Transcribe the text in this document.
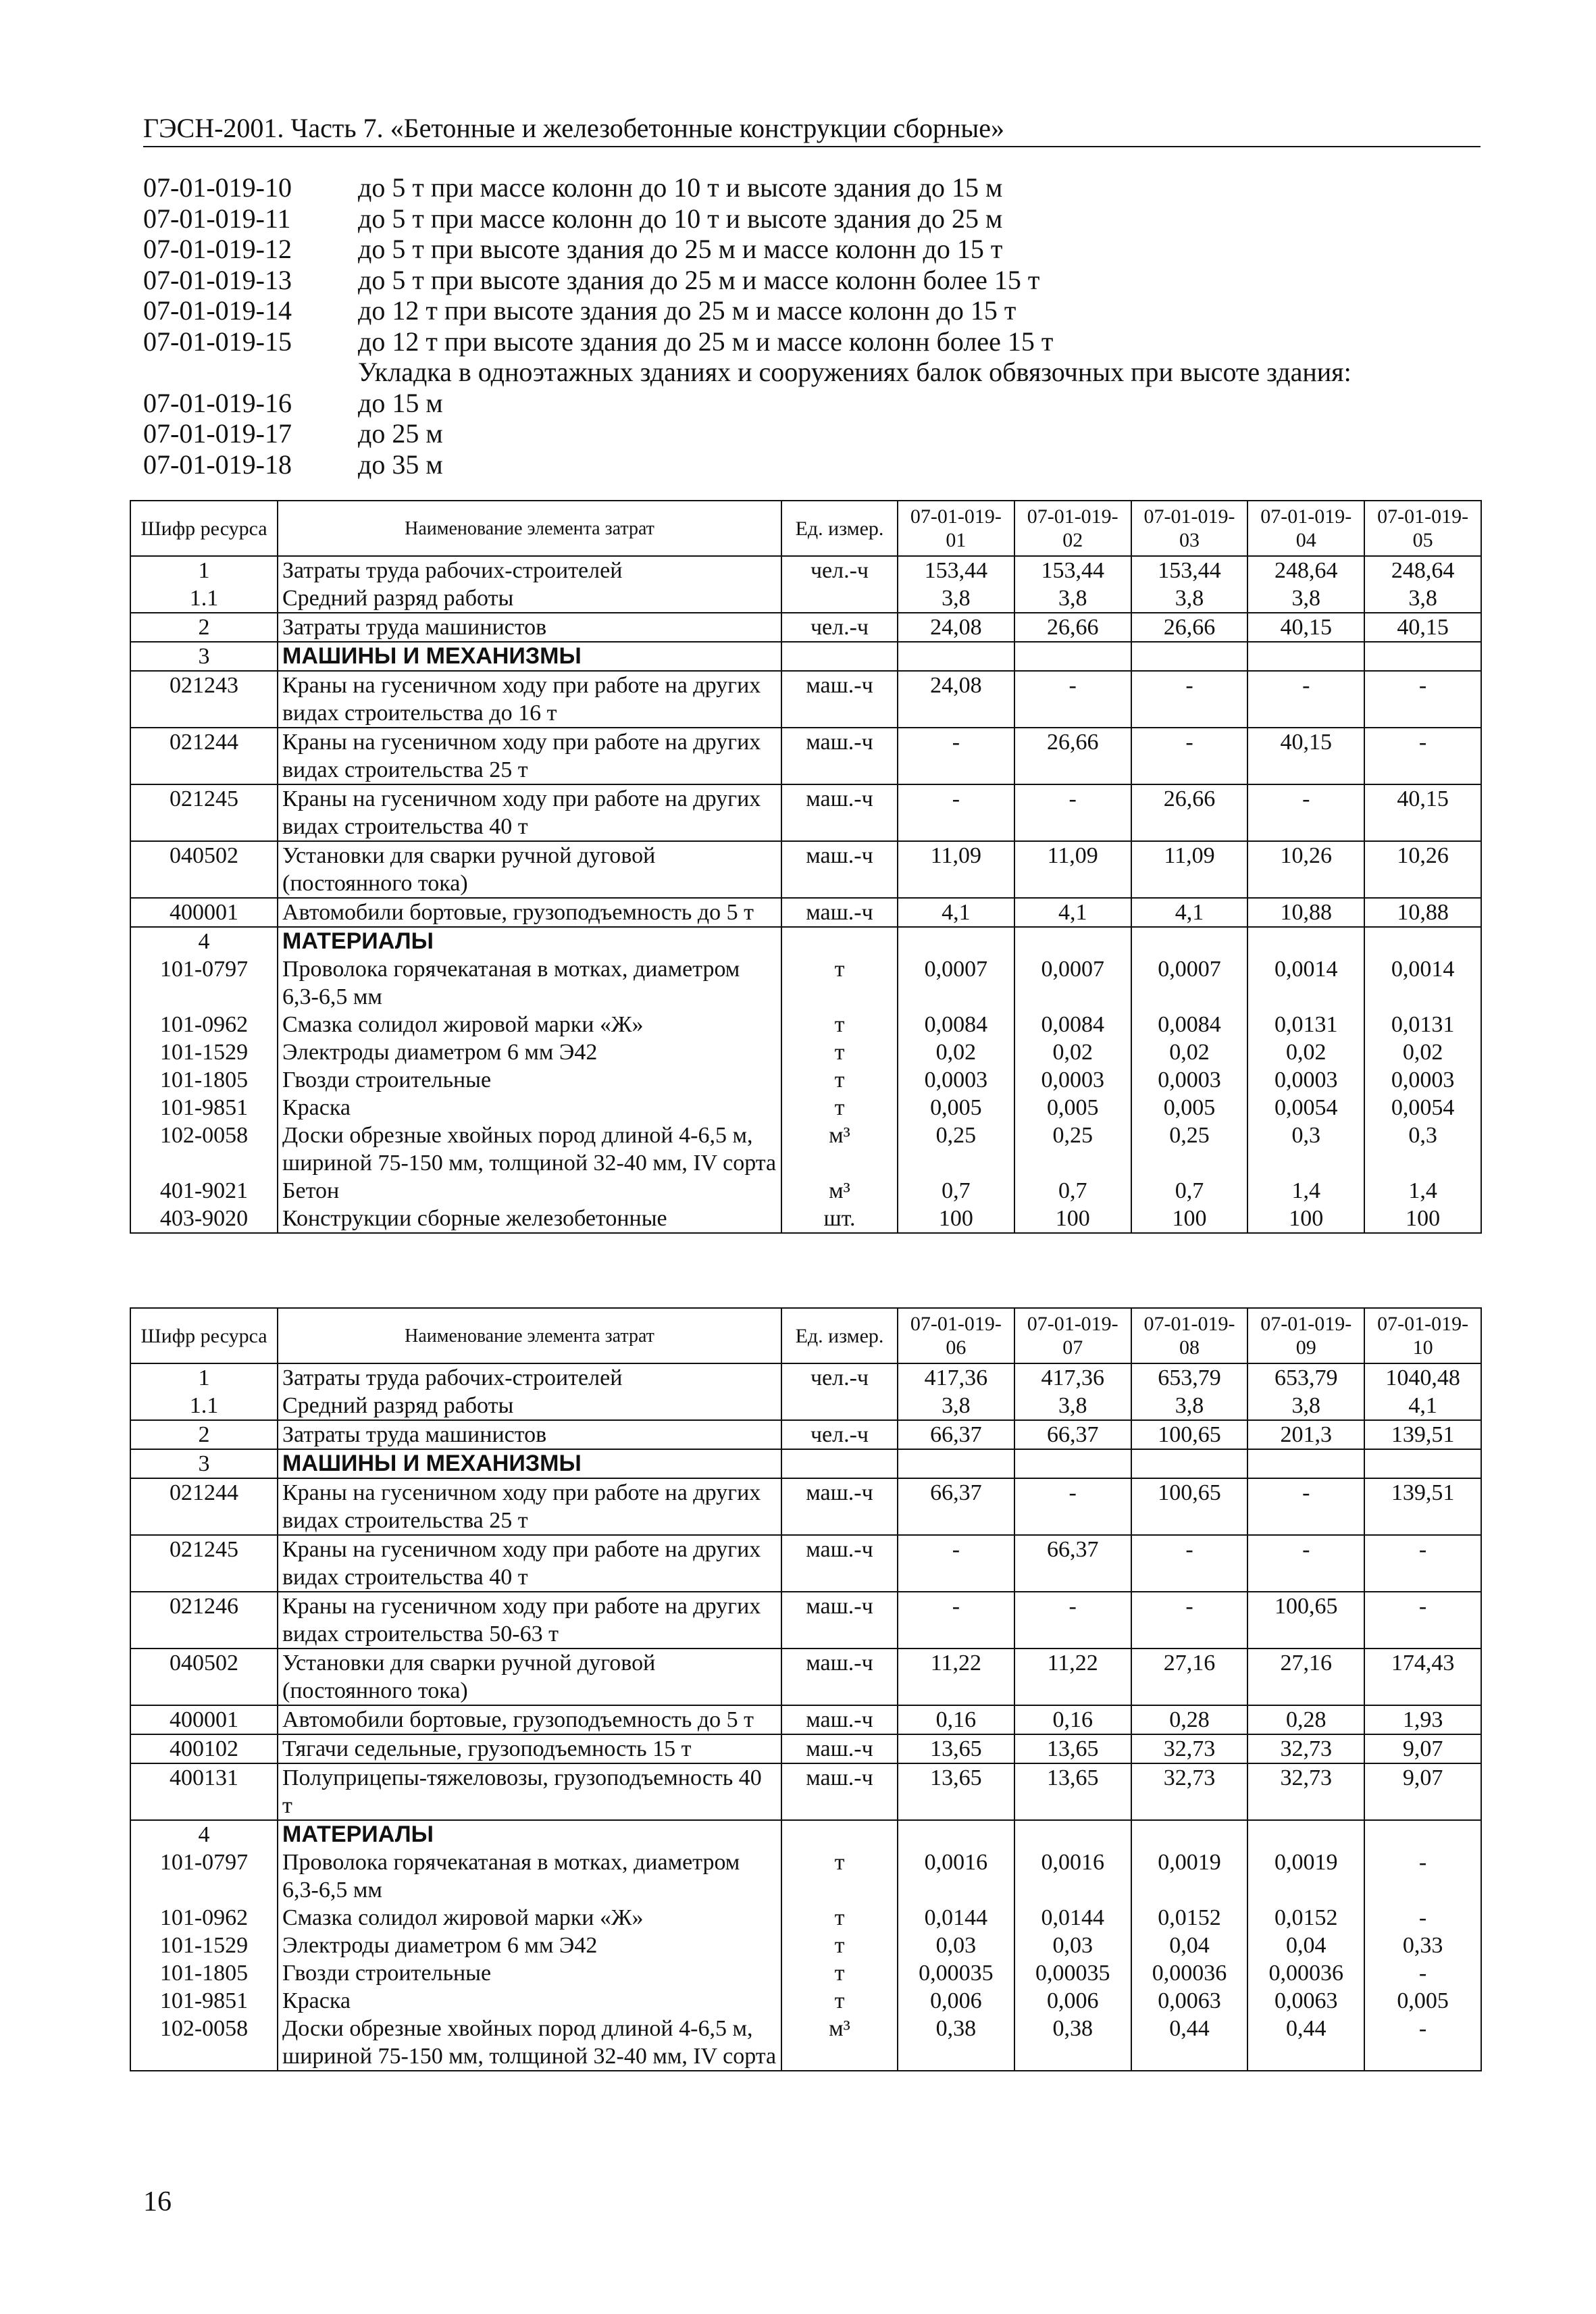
ГЭСН-2001. Часть 7. «Бетонные и железобетонные конструкции сборные»
07-01-019-10	до 5 т при массе колонн до 10 т и высоте здания до 15 м
07-01-019-11	до 5 т при массе колонн до 10 т и высоте здания до 25 м
07-01-019-12	до 5 т при высоте здания до 25 м и массе колонн до 15 т
07-01-019-13	до 5 т при высоте здания до 25 м и массе колонн более 15 т
07-01-019-14	до 12 т при высоте здания до 25 м и массе колонн до 15 т
07-01-019-15	до 12 т при высоте здания до 25 м и массе колонн более 15 т
Укладка в одноэтажных зданиях и сооружениях балок обвязочных при высоте здания:
07-01-019-16	до 15 м
07-01-019-17	до 25 м
07-01-019-18	до 35 м
Шифр ресурса	Наименование элемента затрат	Ед. измер.	07-01-019-01	07-01-019-02	07-01-019-03	07-01-019-04	07-01-019-05
1	Затраты труда рабочих-строителей	чел.-ч	153,44	153,44	153,44	248,64	248,64
1.1	Средний разряд работы		3,8	3,8	3,8	3,8	3,8
2	Затраты труда машинистов	чел.-ч	24,08	26,66	26,66	40,15	40,15
3	МАШИНЫ И МЕХАНИЗМЫ						
021243	Краны на гусеничном ходу при работе на других видах строительства до 16 т	маш.-ч	24,08	-	-	-	-
021244	Краны на гусеничном ходу при работе на других видах строительства 25 т	маш.-ч	-	26,66	-	40,15	-
021245	Краны на гусеничном ходу при работе на других видах строительства 40 т	маш.-ч	-	-	26,66	-	40,15
040502	Установки для сварки ручной дуговой (постоянного тока)	маш.-ч	11,09	11,09	11,09	10,26	10,26
400001	Автомобили бортовые, грузоподъемность до 5 т	маш.-ч	4,1	4,1	4,1	10,88	10,88
4	МАТЕРИАЛЫ						
101-0797	Проволока горячекатаная в мотках, диаметром 6,3-6,5 мм	т	0,0007	0,0007	0,0007	0,0014	0,0014
101-0962	Смазка солидол жировой марки «Ж»	т	0,0084	0,0084	0,0084	0,0131	0,0131
101-1529	Электроды диаметром 6 мм Э42	т	0,02	0,02	0,02	0,02	0,02
101-1805	Гвозди строительные	т	0,0003	0,0003	0,0003	0,0003	0,0003
101-9851	Краска	т	0,005	0,005	0,005	0,0054	0,0054
102-0058	Доски обрезные хвойных пород длиной 4-6,5 м, шириной 75-150 мм, толщиной 32-40 мм, IV сорта	м³	0,25	0,25	0,25	0,3	0,3
401-9021	Бетон	м³	0,7	0,7	0,7	1,4	1,4
403-9020	Конструкции сборные железобетонные	шт.	100	100	100	100	100
Шифр ресурса	Наименование элемента затрат	Ед. измер.	07-01-019-06	07-01-019-07	07-01-019-08	07-01-019-09	07-01-019-10
1	Затраты труда рабочих-строителей	чел.-ч	417,36	417,36	653,79	653,79	1040,48
1.1	Средний разряд работы		3,8	3,8	3,8	3,8	4,1
2	Затраты труда машинистов	чел.-ч	66,37	66,37	100,65	201,3	139,51
3	МАШИНЫ И МЕХАНИЗМЫ						
021244	Краны на гусеничном ходу при работе на других видах строительства 25 т	маш.-ч	66,37	-	100,65	-	139,51
021245	Краны на гусеничном ходу при работе на других видах строительства 40 т	маш.-ч	-	66,37	-	-	-
021246	Краны на гусеничном ходу при работе на других видах строительства 50-63 т	маш.-ч	-	-	-	100,65	-
040502	Установки для сварки ручной дуговой (постоянного тока)	маш.-ч	11,22	11,22	27,16	27,16	174,43
400001	Автомобили бортовые, грузоподъемность до 5 т	маш.-ч	0,16	0,16	0,28	0,28	1,93
400102	Тягачи седельные, грузоподъемность 15 т	маш.-ч	13,65	13,65	32,73	32,73	9,07
400131	Полуприцепы-тяжеловозы, грузоподъемность 40 т	маш.-ч	13,65	13,65	32,73	32,73	9,07
4	МАТЕРИАЛЫ						
101-0797	Проволока горячекатаная в мотках, диаметром 6,3-6,5 мм	т	0,0016	0,0016	0,0019	0,0019	-
101-0962	Смазка солидол жировой марки «Ж»	т	0,0144	0,0144	0,0152	0,0152	-
101-1529	Электроды диаметром 6 мм Э42	т	0,03	0,03	0,04	0,04	0,33
101-1805	Гвозди строительные	т	0,00035	0,00035	0,00036	0,00036	-
101-9851	Краска	т	0,006	0,006	0,0063	0,0063	0,005
102-0058	Доски обрезные хвойных пород длиной 4-6,5 м, шириной 75-150 мм, толщиной 32-40 мм, IV сорта	м³	0,38	0,38	0,44	0,44	-
16
